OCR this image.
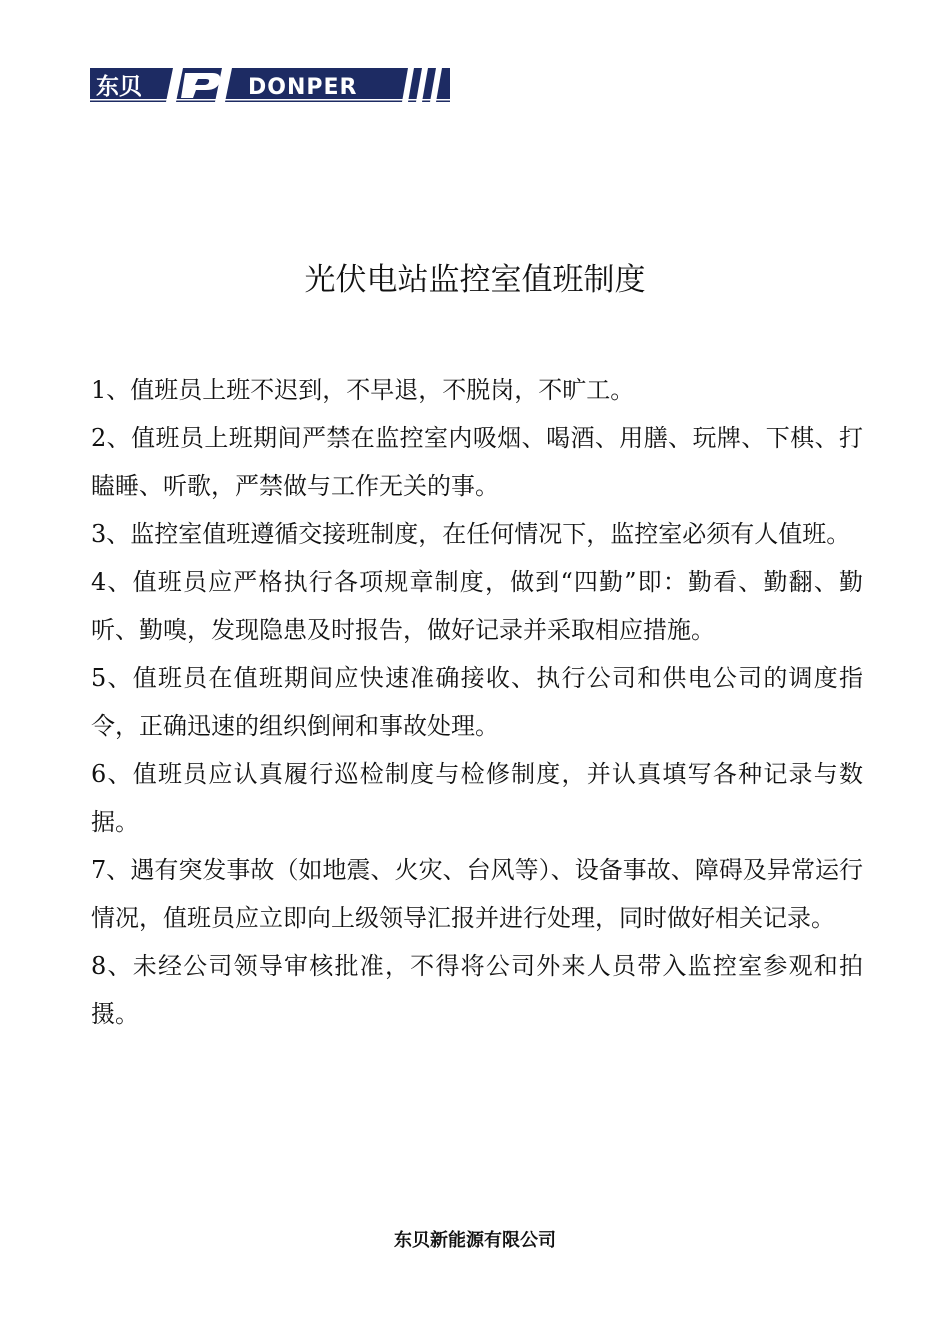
东贝	DONPER
光伏电站监控室值班制度
1、值班员上班不迟到，不早退，不脱岗，不旷工。
2、值班员上班期间严禁在监控室内吸烟、喝酒、用膳、玩牌、下棋、打瞌睡、听歌，严禁做与工作无关的事。
3、监控室值班遵循交接班制度，在任何情况下，监控室必须有人值班。
4、值班员应严格执行各项规章制度，做到“四勤”即：勤看、勤翻、勤听、勤嗅，发现隐患及时报告，做好记录并采取相应措施。
5、值班员在值班期间应快速准确接收、执行公司和供电公司的调度指令，正确迅速的组织倒闸和事故处理。
6、值班员应认真履行巡检制度与检修制度，并认真填写各种记录与数据。
7、遇有突发事故（如地震、火灾、台风等）、设备事故、障碍及异常运行情况，值班员应立即向上级领导汇报并进行处理，同时做好相关记录。
8、未经公司领导审核批准，不得将公司外来人员带入监控室参观和拍摄。
东贝新能源有限公司
